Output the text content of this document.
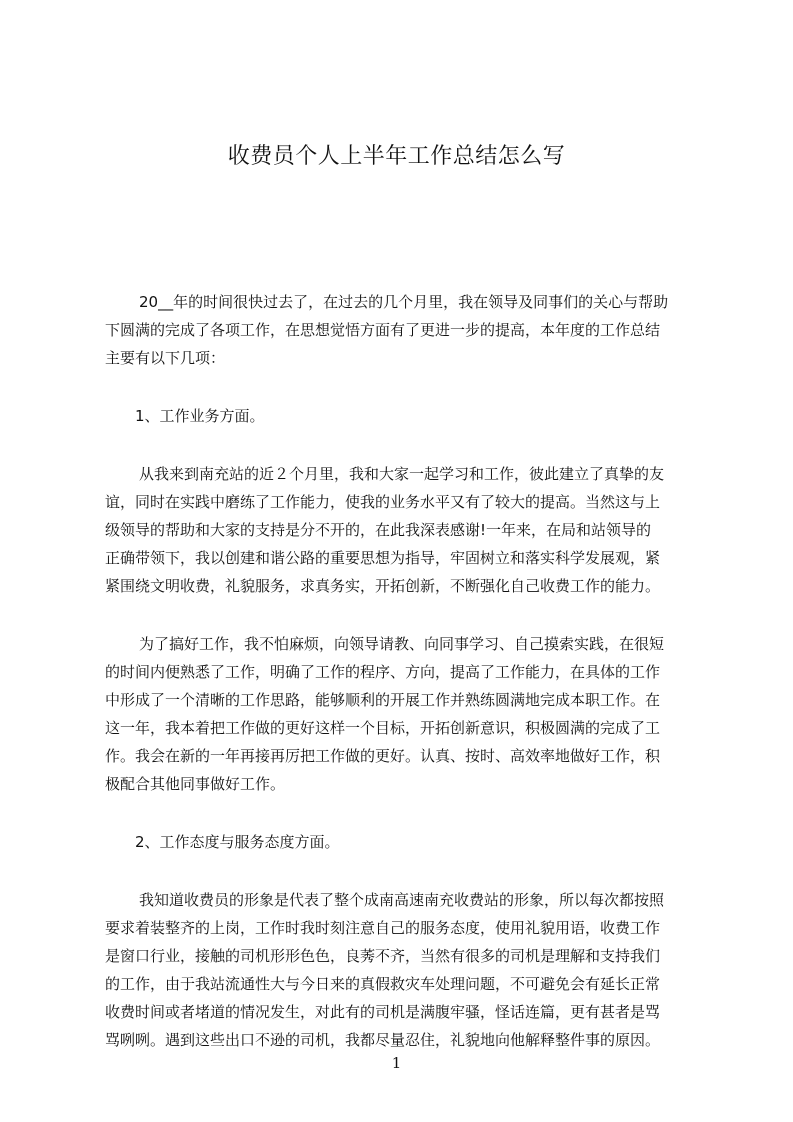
收费员个人上半年工作总结怎么写

20__年的时间很快过去了，在过去的几个月里，我在领导及同事们的关心与帮助
下圆满的完成了各项工作，在思想觉悟方面有了更进一步的提高，本年度的工作总结
主要有以下几项：

1、工作业务方面。

从我来到南充站的近２个月里，我和大家一起学习和工作，彼此建立了真挚的友
谊，同时在实践中磨练了工作能力，使我的业务水平又有了较大的提高。当然这与上
级领导的帮助和大家的支持是分不开的，在此我深表感谢!一年来，在局和站领导的
正确带领下，我以创建和谐公路的重要思想为指导，牢固树立和落实科学发展观，紧
紧围绕文明收费，礼貌服务，求真务实，开拓创新，不断强化自己收费工作的能力。

为了搞好工作，我不怕麻烦，向领导请教、向同事学习、自己摸索实践，在很短
的时间内便熟悉了工作，明确了工作的程序、方向，提高了工作能力，在具体的工作
中形成了一个清晰的工作思路，能够顺利的开展工作并熟练圆满地完成本职工作。在
这一年，我本着把工作做的更好这样一个目标，开拓创新意识，积极圆满的完成了工
作。我会在新的一年再接再厉把工作做的更好。认真、按时、高效率地做好工作，积
极配合其他同事做好工作。

2、工作态度与服务态度方面。

我知道收费员的形象是代表了整个成南高速南充收费站的形象，所以每次都按照
要求着装整齐的上岗，工作时我时刻注意自己的服务态度，使用礼貌用语，收费工作
是窗口行业，接触的司机形形色色，良莠不齐，当然有很多的司机是理解和支持我们
的工作，由于我站流通性大与今日来的真假救灾车处理问题，不可避免会有延长正常
收费时间或者堵道的情况发生，对此有的司机是满腹牢骚，怪话连篇，更有甚者是骂
骂咧咧。遇到这些出口不逊的司机，我都尽量忍住，礼貌地向他解释整件事的原因。

1
